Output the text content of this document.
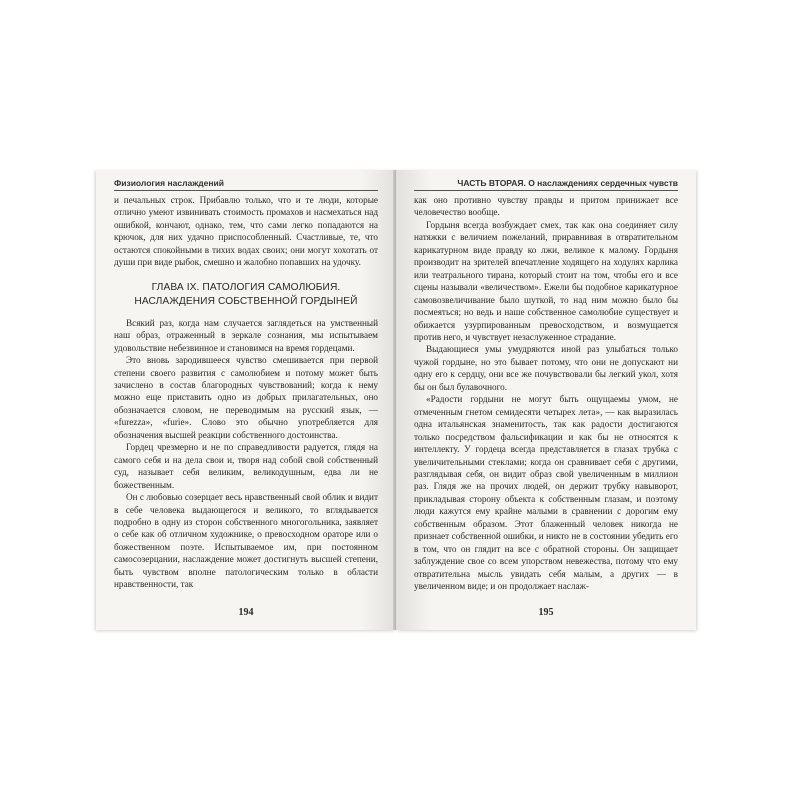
Физиология наслаждений

и печальных строк. Прибавлю только, что и те люди, которые отлично умеют извинивать стоимость промахов и насмехаться над ошибкой, кончают, однако, тем, что сами легко попадаются на крючок, для них удачно приспособленный. Счастливые, те, что остаются спокойными в тихих водах своих; они могут хохотать от души при виде рыбок, смешно и жалобно попавших на удочку.

ГЛАВА IX. ПАТОЛОГИЯ САМОЛЮБИЯ. НАСЛАЖДЕНИЯ СОБСТВЕННОЙ ГОРДЫНЕЙ

Всякий раз, когда нам случается заглядеться на умственный наш образ, отраженный в зеркале сознания, мы испытываем удовольствие небезвинное и становимся на время гордецами.

Это вновь зародившееся чувство смешивается при первой степени своего развития с самолюбием и потому может быть зачислено в состав благородных чувствований; когда к нему можно еще приставить одно из добрых прилагательных, оно обозначается словом, не переводимым на русский язык, — «furezza», «furie». Слово это обычно употребляется для обозначения высшей реакции собственного достоинства.

Гордец чрезмерно и не по справедливости радуется, глядя на самого себя и на дела свои и, творя над собой свой собственный суд, называет себя великим, великодушным, едва ли не божественным.

Он с любовью созерцает весь нравственный свой облик и видит в себе человека выдающегося и великого, то вглядывается подробно в одну из сторон собственного многогольника, заявляет о себе как об отличном художнике, о превосходном ораторе или о божественном поэте. Испытываемое им, при постоянном самосозерцании, наслаждение может достигнуть высшей степени, быть чувством вполне патологическим только в области нравственности, так

194
ЧАСТЬ ВТОРАЯ. О наслаждениях сердечных чувств

как оно противно чувству правды и притом принижает все человечество вообще.

Гордыня всегда возбуждает смех, так как она соединяет силу натяжки с величием пожеланий, приравнивая в отвратительном карикатурном виде правду ко лжи, великое к малому. Гордыня производит на зрителей впечатление ходящего на ходулях карлика или театрального тирана, который стоит на том, чтобы его и все сцены называли «величеством». Ежели бы подобное карикатурное самовозвеличивание было шуткой, то над ним можно было бы посмеяться; но ведь и наше собственное самолюбие существует и обижается узурпированным превосходством, и возмущается против него, и чувствует незаслуженное страдание.

Выдающиеся умы умудряются иной раз улыбаться только чужой гордыне, но это бывает потому, что они не допускают ни одну его к сердцу, они все же почувствовали бы легкий укол, хотя бы он был булавочного.

«Радости гордыни не могут быть ощущаемы умом, не отмеченным гнетом семидесяти четырех лета», — как выразилась одна итальянская знаменитость, так как радости достигаются только посредством фальсификации и как бы не относятся к интеллекту. У гордеца всегда представляется в глазах трубка с увеличительными стеклами; когда он сравнивает себя с другими, разглядывая себя, он видит образ свой увеличенным в миллион раз. Глядя же на прочих людей, он держит трубку навыворот, прикладывая сторону объекта к собственным глазам, и поэтому люди кажутся ему крайне малыми в сравнении с дорогим ему собственным образом. Этот блаженный человек никогда не признает собственной ошибки, и никто не в состоянии убедить его в том, что он глядит на все с обратной стороны. Он защищает заблуждение свое со всем упорством невежества, потому что ему отвратительна мысль увидать себя малым, а других — в увеличенном виде; и он продолжает наслаж-

195
